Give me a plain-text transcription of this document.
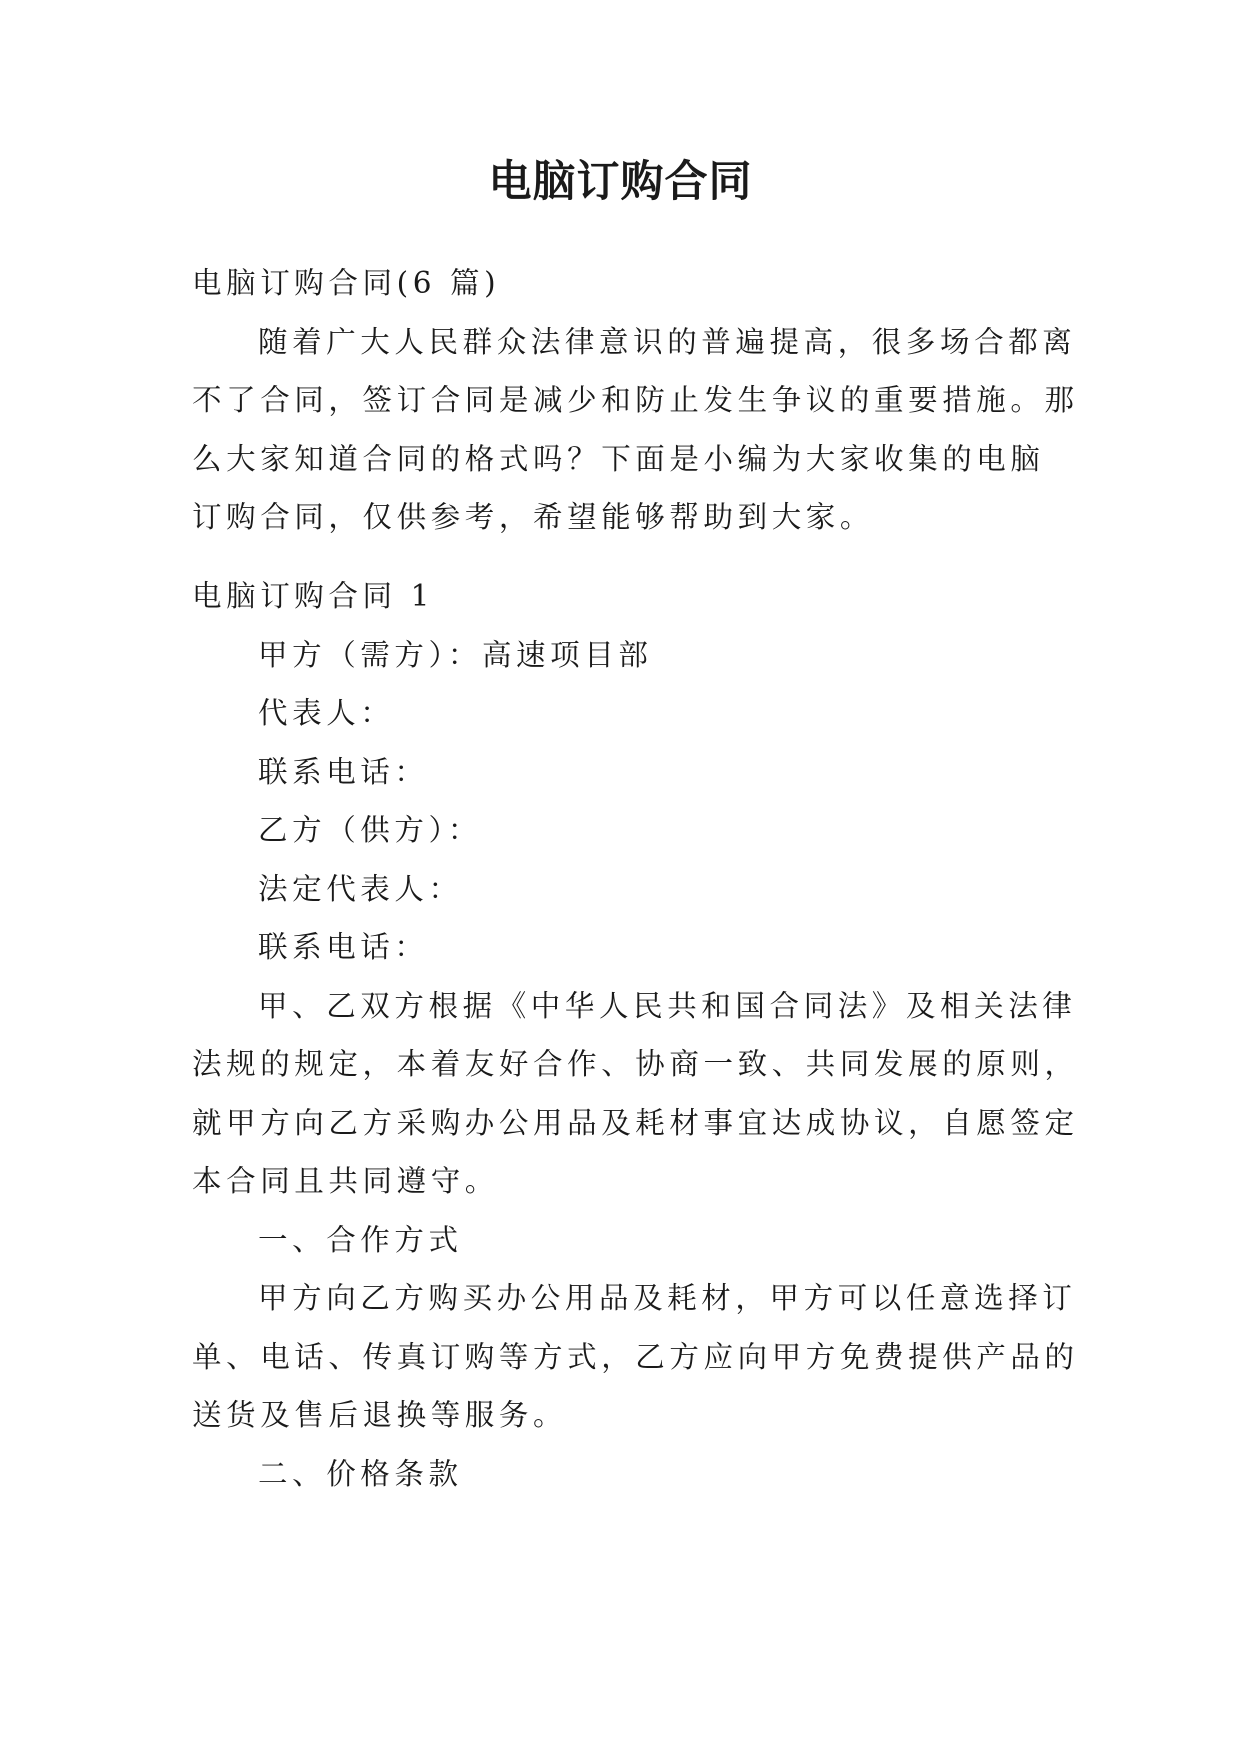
电脑订购合同
电脑订购合同(6 篇)
随着广大人民群众法律意识的普遍提高，很多场合都离
不了合同，签订合同是减少和防止发生争议的重要措施。那
么大家知道合同的格式吗？下面是小编为大家收集的电脑
订购合同，仅供参考，希望能够帮助到大家。
电脑订购合同 1
甲方（需方）：高速项目部
代表人：
联系电话：
乙方（供方）：
法定代表人：
联系电话：
甲、乙双方根据《中华人民共和国合同法》及相关法律
法规的规定，本着友好合作、协商一致、共同发展的原则，
就甲方向乙方采购办公用品及耗材事宜达成协议，自愿签定
本合同且共同遵守。
一、合作方式
甲方向乙方购买办公用品及耗材，甲方可以任意选择订
单、电话、传真订购等方式，乙方应向甲方免费提供产品的
送货及售后退换等服务。
二、价格条款
